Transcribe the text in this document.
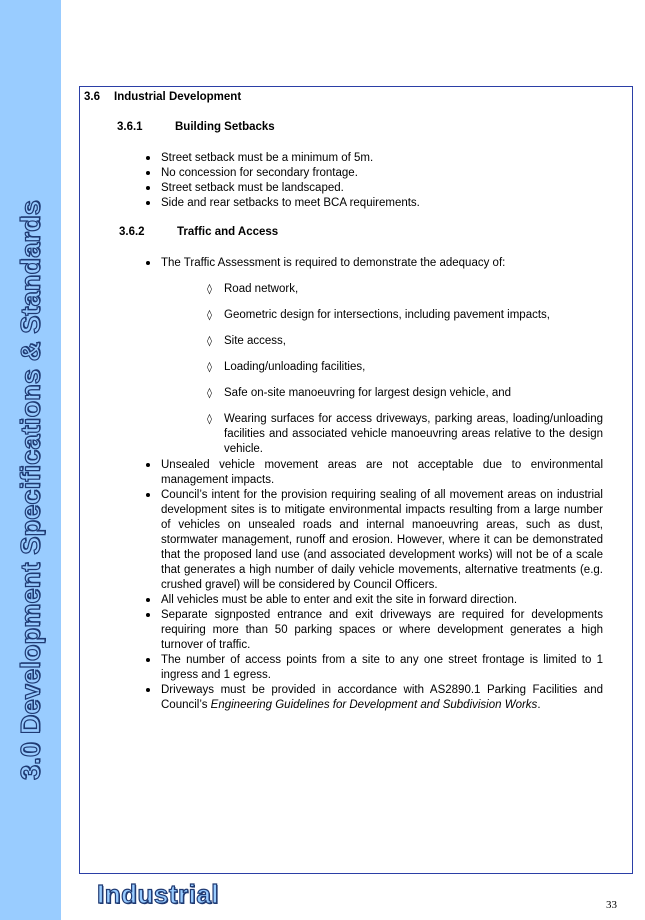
3.0 Development Specifications & Standards
3.6 Industrial Development
3.6.1	Building Setbacks
Street setback must be a minimum of 5m.
No concession for secondary frontage.
Street setback must be landscaped.
Side and rear setbacks to meet BCA requirements.
3.6.2	Traffic and Access
The Traffic Assessment is required to demonstrate the adequacy of:
◊ Road network,
◊ Geometric design for intersections, including pavement impacts,
◊ Site access,
◊ Loading/unloading facilities,
◊ Safe on-site manoeuvring for largest design vehicle, and
◊ Wearing surfaces for access driveways, parking areas, loading/unloading facilities and associated vehicle manoeuvring areas relative to the design vehicle.
Unsealed vehicle movement areas are not acceptable due to environmental management impacts.
Council’s intent for the provision requiring sealing of all movement areas on industrial development sites is to mitigate environmental impacts resulting from a large number of vehicles on unsealed roads and internal manoeuvring areas, such as dust, stormwater management, runoff and erosion. However, where it can be demonstrated that the proposed land use (and associated development works) will not be of a scale that generates a high number of daily vehicle movements, alternative treatments (e.g. crushed gravel) will be considered by Council Officers.
All vehicles must be able to enter and exit the site in forward direction.
Separate signposted entrance and exit driveways are required for developments requiring more than 50 parking spaces or where development generates a high turnover of traffic.
The number of access points from a site to any one street frontage is limited to 1 ingress and 1 egress.
Driveways must be provided in accordance with AS2890.1 Parking Facilities and Council’s Engineering Guidelines for Development and Subdivision Works.
Industrial	33
